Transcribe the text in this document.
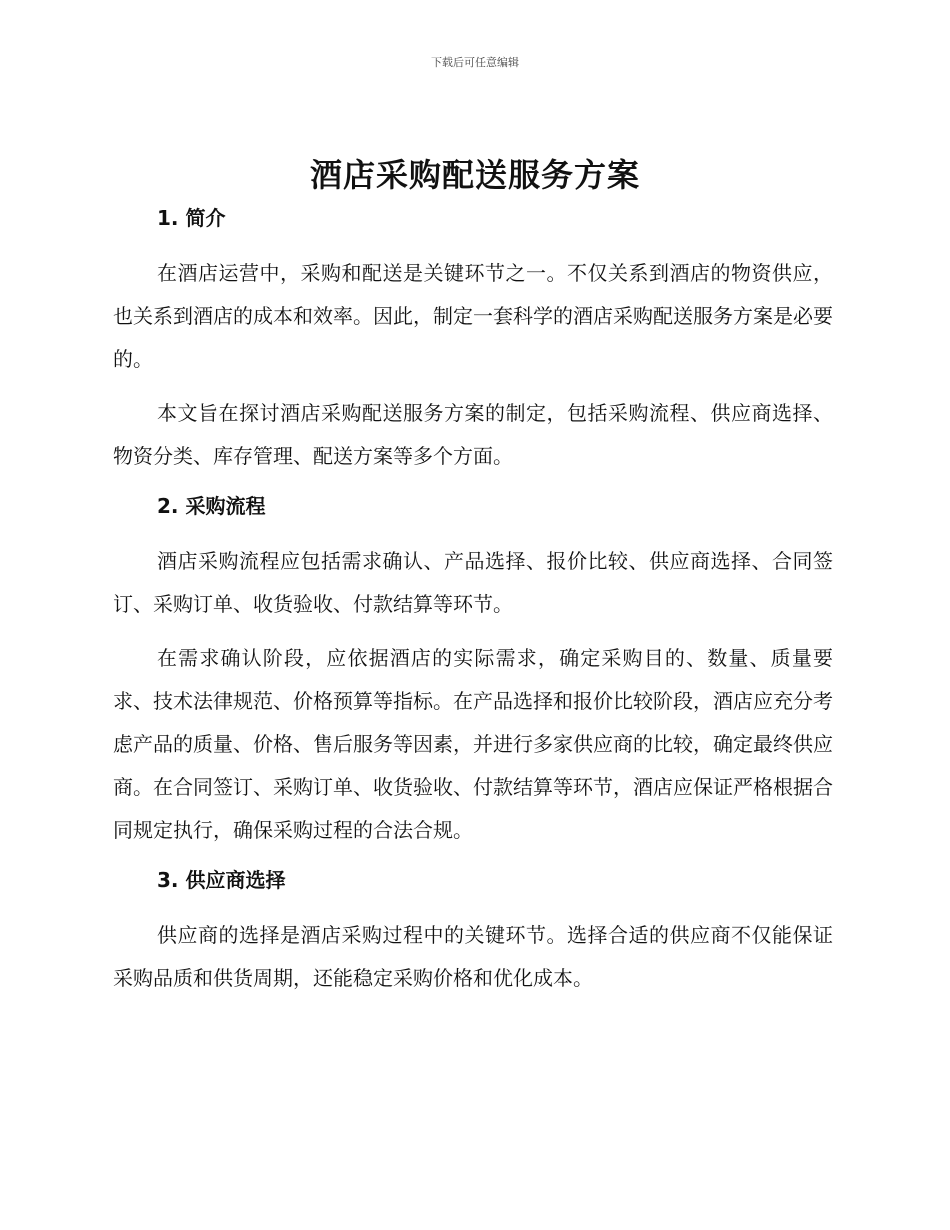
下载后可任意编辑
酒店采购配送服务方案
1. 简介

在酒店运营中，采购和配送是关键环节之一。不仅关系到酒店的物资供应，也关系到酒店的成本和效率。因此，制定一套科学的酒店采购配送服务方案是必要的。

本文旨在探讨酒店采购配送服务方案的制定，包括采购流程、供应商选择、物资分类、库存管理、配送方案等多个方面。

2. 采购流程

酒店采购流程应包括需求确认、产品选择、报价比较、供应商选择、合同签订、采购订单、收货验收、付款结算等环节。

在需求确认阶段，应依据酒店的实际需求，确定采购目的、数量、质量要求、技术法律规范、价格预算等指标。在产品选择和报价比较阶段，酒店应充分考虑产品的质量、价格、售后服务等因素，并进行多家供应商的比较，确定最终供应商。在合同签订、采购订单、收货验收、付款结算等环节，酒店应保证严格根据合同规定执行，确保采购过程的合法合规。

3. 供应商选择

供应商的选择是酒店采购过程中的关键环节。选择合适的供应商不仅能保证采购品质和供货周期，还能稳定采购价格和优化成本。
